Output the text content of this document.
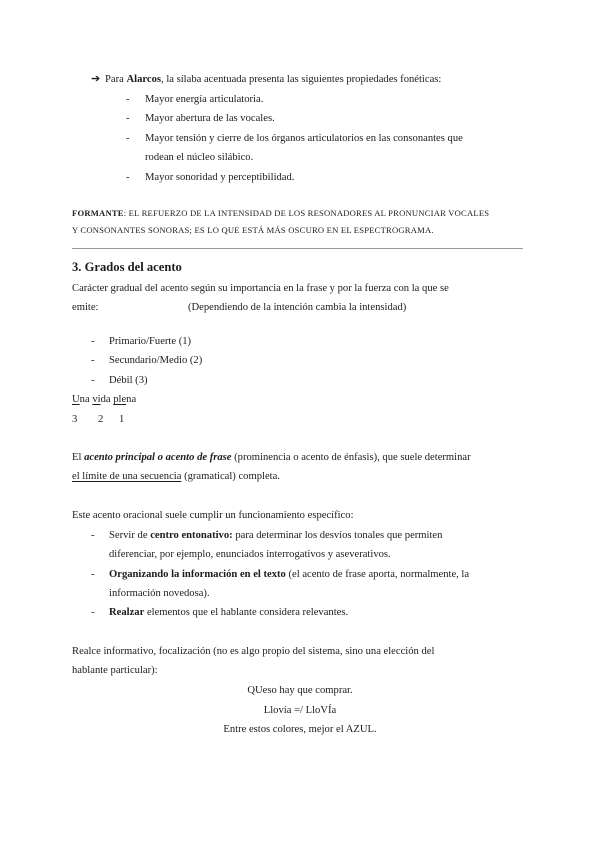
➔ Para Alarcos, la sílaba acentuada presenta las siguientes propiedades fonéticas:
- Mayor energía articulatoria.
- Mayor abertura de las vocales.
- Mayor tensión y cierre de los órganos articulatorios en las consonantes que
rodean el núcleo silábico.
- Mayor sonoridad y perceptibilidad.
FORMANTE: EL REFUERZO DE LA INTENSIDAD DE LOS RESONADORES AL PRONUNCIAR VOCALES
Y CONSONANTES SONORAS; ES LO QUE ESTÁ MÁS OSCURO EN EL ESPECTROGRAMA.
3. Grados del acento
Carácter gradual del acento según su importancia en la frase y por la fuerza con la que se
emite:	(Dependiendo de la intención cambia la intensidad)
- Primario/Fuerte (1)
- Secundario/Medio (2)
- Débil (3)
Una vida plena
3 2 1
El acento principal o acento de frase (prominencia o acento de énfasis), que suele determinar
el límite de una secuencia (gramatical) completa.
Este acento oracional suele cumplir un funcionamiento específico:
- Servir de centro entonativo: para determinar los desvíos tonales que permiten
diferenciar, por ejemplo, enunciados interrogativos y aseverativos.
- Organizando la información en el texto (el acento de frase aporta, normalmente, la
información novedosa).
- Realzar elementos que el hablante considera relevantes.
Realce informativo, focalización (no es algo propio del sistema, sino una elección del
hablante particular):
QUeso hay que comprar.
Llovía =/ LloVÍa
Entre estos colores, mejor el AZUL.
